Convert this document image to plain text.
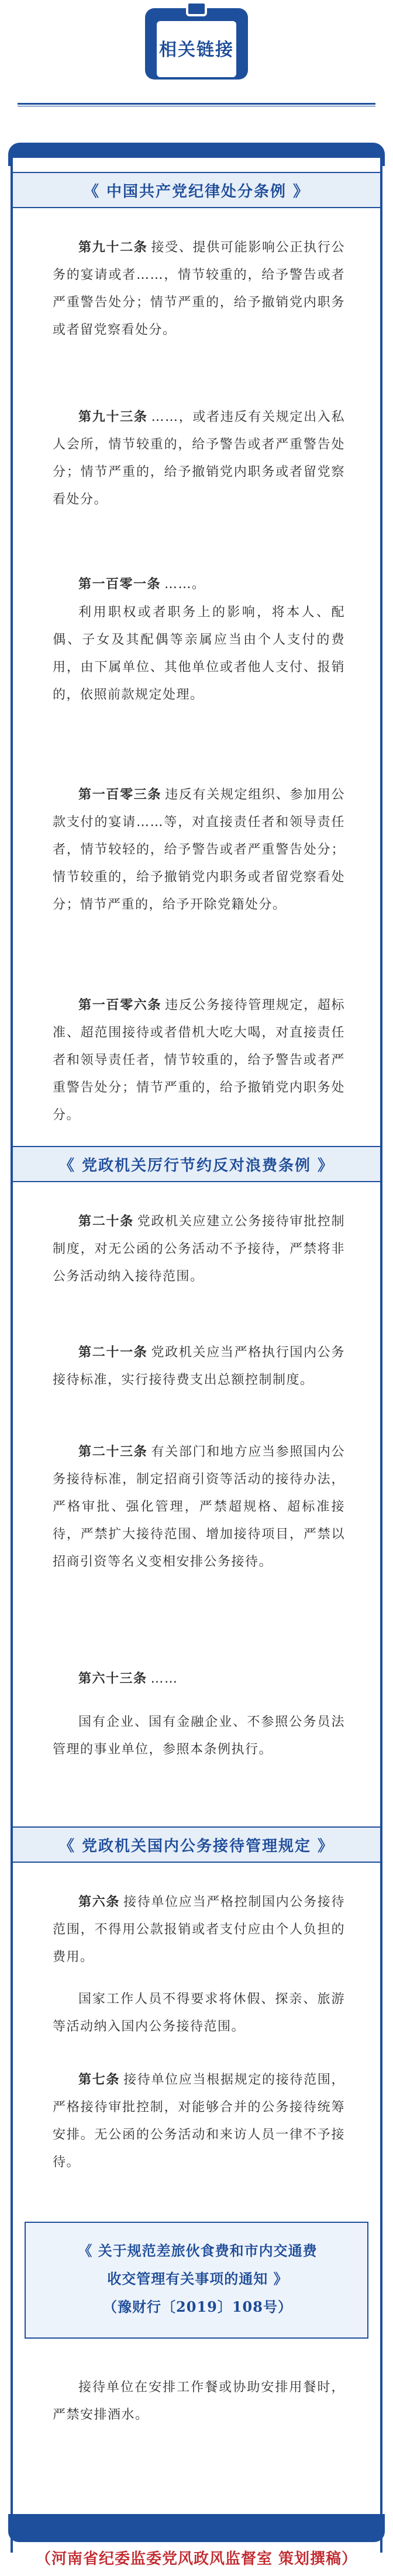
相关链接
《 中国共产党纪律处分条例 》

第九十二条 接受、提供可能影响公正执行公务的宴请或者……，情节较重的，给予警告或者严重警告处分；情节严重的，给予撤销党内职务或者留党察看处分。

第九十三条 ……，或者违反有关规定出入私人会所，情节较重的，给予警告或者严重警告处分；情节严重的，给予撤销党内职务或者留党察看处分。

第一百零一条 ……。

利用职权或者职务上的影响，将本人、配偶、子女及其配偶等亲属应当由个人支付的费用，由下属单位、其他单位或者他人支付、报销的，依照前款规定处理。

第一百零三条 违反有关规定组织、参加用公款支付的宴请……等，对直接责任者和领导责任者，情节较轻的，给予警告或者严重警告处分；情节较重的，给予撤销党内职务或者留党察看处分；情节严重的，给予开除党籍处分。

第一百零六条 违反公务接待管理规定，超标准、超范围接待或者借机大吃大喝，对直接责任者和领导责任者，情节较重的，给予警告或者严重警告处分；情节严重的，给予撤销党内职务处分。

《 党政机关厉行节约反对浪费条例 》

第二十条 党政机关应建立公务接待审批控制制度，对无公函的公务活动不予接待，严禁将非公务活动纳入接待范围。

第二十一条 党政机关应当严格执行国内公务接待标准，实行接待费支出总额控制制度。

第二十三条 有关部门和地方应当参照国内公务接待标准，制定招商引资等活动的接待办法，严格审批、强化管理，严禁超规格、超标准接待，严禁扩大接待范围、增加接待项目，严禁以招商引资等名义变相安排公务接待。

第六十三条 ……

国有企业、国有金融企业、不参照公务员法管理的事业单位，参照本条例执行。

《 党政机关国内公务接待管理规定 》

第六条 接待单位应当严格控制国内公务接待范围，不得用公款报销或者支付应由个人负担的费用。

国家工作人员不得要求将休假、探亲、旅游等活动纳入国内公务接待范围。

第七条 接待单位应当根据规定的接待范围，严格接待审批控制，对能够合并的公务接待统筹安排。无公函的公务活动和来访人员一律不予接待。

《 关于规范差旅伙食费和市内交通费
收交管理有关事项的通知 》
（豫财行〔2019〕108号）

接待单位在安排工作餐或协助安排用餐时，严禁安排酒水。

（河南省纪委监委党风政风监督室 策划撰稿）
